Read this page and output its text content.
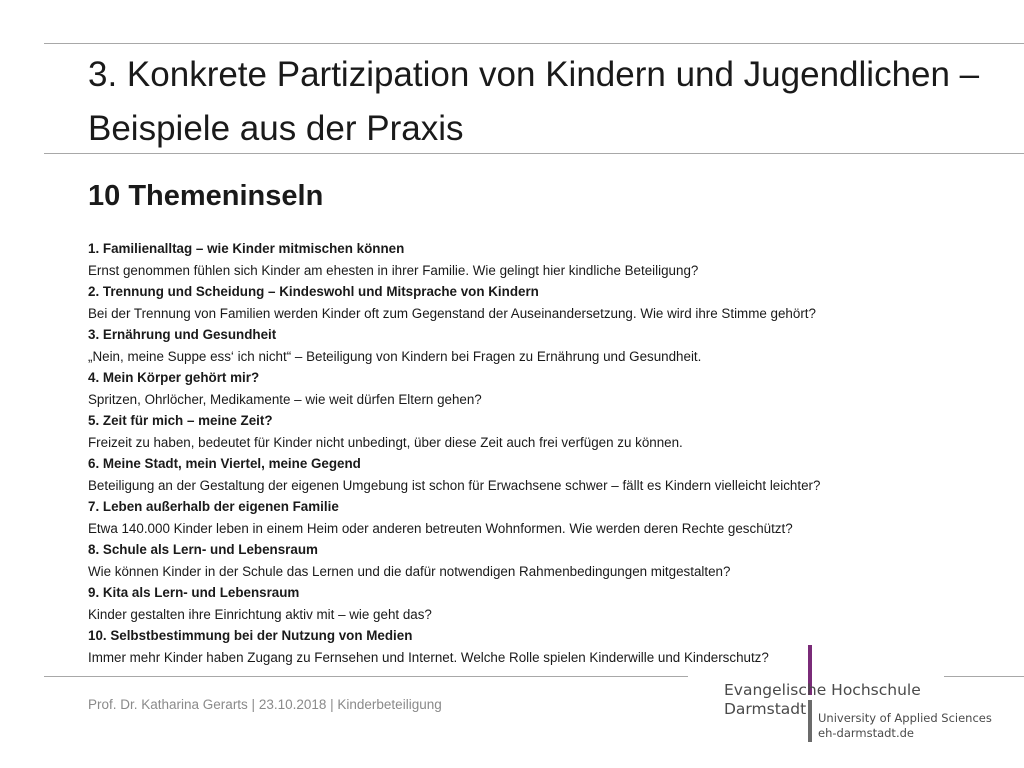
3. Konkrete Partizipation von Kindern und Jugendlichen – Beispiele aus der Praxis
10 Themeninseln
1. Familienalltag – wie Kinder mitmischen können
Ernst genommen fühlen sich Kinder am ehesten in ihrer Familie. Wie gelingt hier kindliche Beteiligung?
2. Trennung und Scheidung – Kindeswohl und Mitsprache von Kindern
Bei der Trennung von Familien werden Kinder oft zum Gegenstand der Auseinandersetzung. Wie wird ihre Stimme gehört?
3. Ernährung und Gesundheit
„Nein, meine Suppe ess‘ ich nicht“ – Beteiligung von Kindern bei Fragen zu Ernährung und Gesundheit.
4. Mein Körper gehört mir?
Spritzen, Ohrlöcher, Medikamente – wie weit dürfen Eltern gehen?
5. Zeit für mich – meine Zeit?
Freizeit zu haben, bedeutet für Kinder nicht unbedingt, über diese Zeit auch frei verfügen zu können.
6. Meine Stadt, mein Viertel, meine Gegend
Beteiligung an der Gestaltung der eigenen Umgebung ist schon für Erwachsene schwer – fällt es Kindern vielleicht leichter?
7. Leben außerhalb der eigenen Familie
Etwa 140.000 Kinder leben in einem Heim oder anderen betreuten Wohnformen. Wie werden deren Rechte geschützt?
8. Schule als Lern- und Lebensraum
Wie können Kinder in der Schule das Lernen und die dafür notwendigen Rahmenbedingungen mitgestalten?
9. Kita als Lern- und Lebensraum
Kinder gestalten ihre Einrichtung aktiv mit – wie geht das?
10. Selbstbestimmung bei der Nutzung von Medien
Immer mehr Kinder haben Zugang zu Fernsehen und Internet. Welche Rolle spielen Kinderwille und Kinderschutz?
Prof. Dr. Katharina Gerarts | 23.10.2018 | Kinderbeteiligung
Evangelische Hochschule
Darmstadt	University of Applied Sciences
eh-darmstadt.de
